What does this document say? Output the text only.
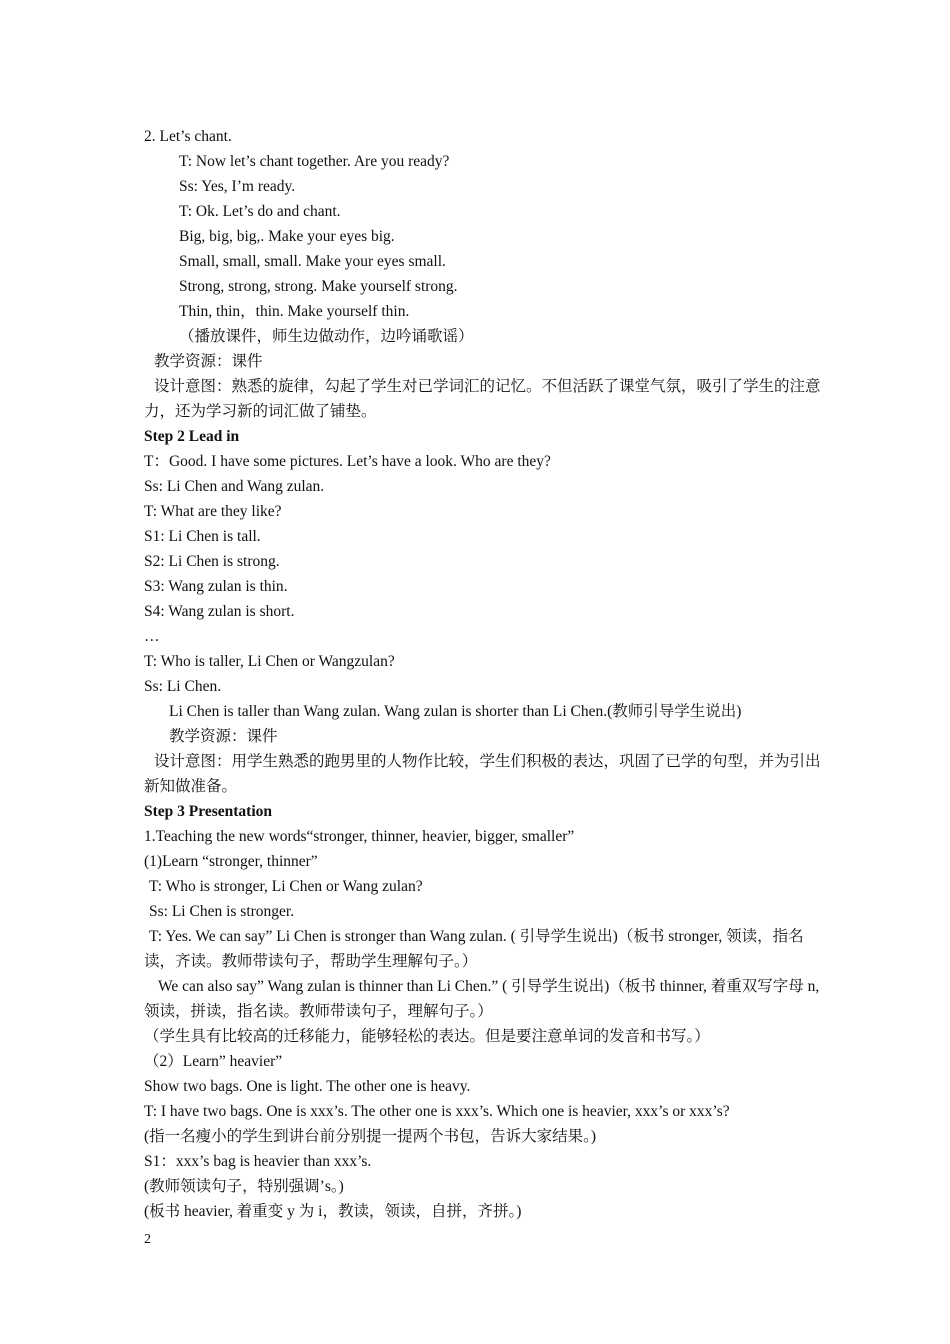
2. Let’s chant.
T: Now let’s chant together. Are you ready?
Ss: Yes, I’m ready.
T: Ok. Let’s do and chant.
Big, big, big,. Make your eyes big.
Small, small, small. Make your eyes small.
Strong, strong, strong. Make yourself strong.
Thin, thin，thin. Make yourself thin.
（播放课件，师生边做动作，边吟诵歌谣）
教学资源：课件
设计意图：熟悉的旋律，勾起了学生对已学词汇的记忆。不但活跃了课堂气氛，吸引了学生的注意力，还为学习新的词汇做了铺垫。
Step 2 Lead in
T：Good. I have some pictures. Let’s have a look. Who are they?
Ss: Li Chen and Wang zulan.
T: What are they like?
S1: Li Chen is tall.
S2: Li Chen is strong.
S3: Wang zulan is thin.
S4: Wang zulan is short.
…
T: Who is taller, Li Chen or Wangzulan?
Ss: Li Chen.
Li Chen is taller than Wang zulan. Wang zulan is shorter than Li Chen.(教师引导学生说出)
教学资源：课件
设计意图：用学生熟悉的跑男里的人物作比较，学生们积极的表达，巩固了已学的句型，并为引出新知做准备。
Step 3 Presentation
1.Teaching the new words“stronger, thinner, heavier, bigger, smaller”
(1)Learn “stronger, thinner”
T: Who is stronger, Li Chen or Wang zulan?
Ss: Li Chen is stronger.
T: Yes. We can say” Li Chen is stronger than Wang zulan. ( 引导学生说出)（板书 stronger, 领读，指名读，齐读。教师带读句子，帮助学生理解句子。）
We can also say” Wang zulan is thinner than Li Chen.” ( 引导学生说出)（板书 thinner, 着重双写字母 n, 领读，拼读，指名读。教师带读句子，理解句子。）
（学生具有比较高的迁移能力，能够轻松的表达。但是要注意单词的发音和书写。）
（2）Learn” heavier”
Show two bags. One is light. The other one is heavy.
T: I have two bags. One is xxx’s. The other one is xxx’s. Which one is heavier, xxx’s or xxx’s?
(指一名瘦小的学生到讲台前分别提一提两个书包，告诉大家结果。)
S1：xxx’s bag is heavier than xxx’s.
(教师领读句子，特别强调’s。)
(板书 heavier, 着重变 y 为 i，教读，领读，自拼，齐拼。)
2
